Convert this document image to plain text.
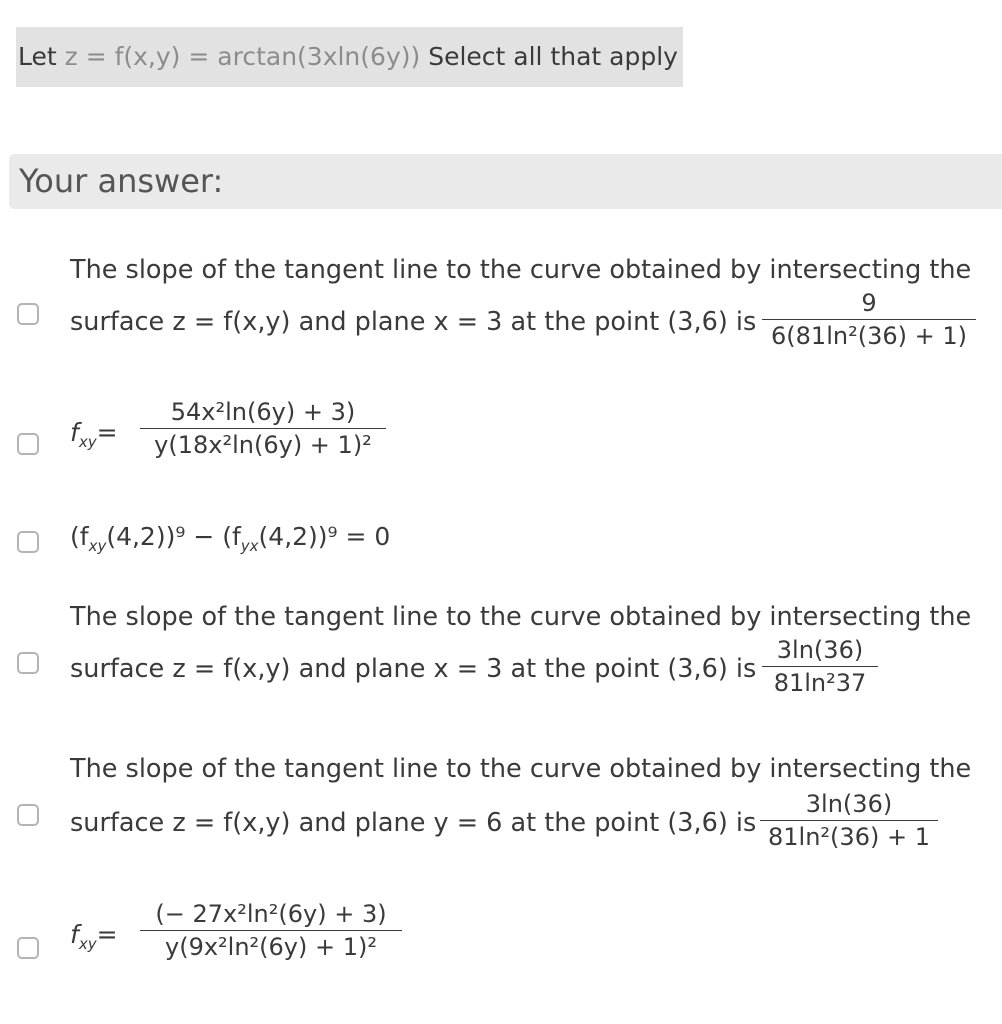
Let z = f(x,y) = arctan(3xln(6y)) Select all that apply
Your answer:
The slope of the tangent line to the curve obtained by intersecting the
surface z = f(x,y) and plane x = 3 at the point (3,6) is
9
6(81ln²(36) + 1)
$f_{xy}=$
54x²ln(6y) + 3)
y(18x²ln(6y) + 1)²
$(f_{xy}(4,2))^9 - (f_{yx}(4,2))^9 = 0$
The slope of the tangent line to the curve obtained by intersecting the
surface z = f(x,y) and plane x = 3 at the point (3,6) is
3ln(36)
81ln²37
The slope of the tangent line to the curve obtained by intersecting the
surface z = f(x,y) and plane y = 6 at the point (3,6) is
3ln(36)
81ln²(36) + 1
$f_{xy}=$
(− 27x²ln²(6y) + 3)
y(9x²ln²(6y) + 1)²
